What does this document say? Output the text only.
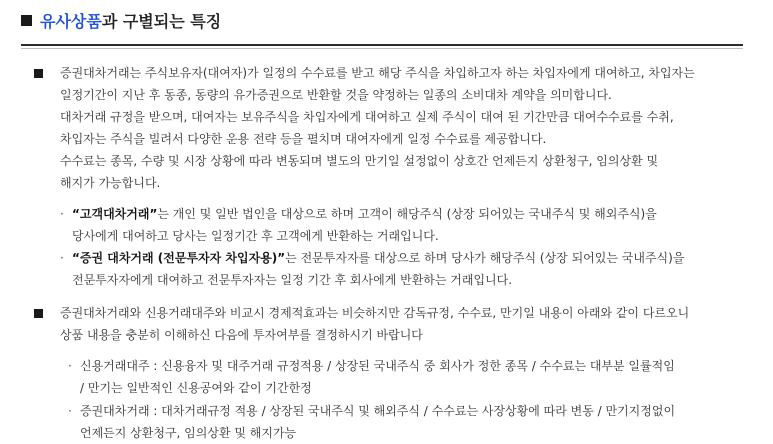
유사상품 과 구별되는 특징

증권대차거래는 주식보유자(대여자)가 일정의 수수료를 받고 해당 주식을 차입하고자 하는 차입자에게 대여하고, 차입자는

일정기간이 지난 후 동종, 동량의 유가증권으로 반환할 것을 약정하는 일종의 소비대차 계약을 의미합니다.

대차거래 규정을 받으며, 대여자는 보유주식을 차입자에게 대여하고 실제 주식이 대여 된 기간만큼 대여수수료를 수취,

차입자는 주식을 빌려서 다양한 운용 전략 등을 펼치며 대여자에게 일정 수수료를 제공합니다.

수수료는 종목, 수량 및 시장 상황에 따라 변동되며 별도의 만기일 설정없이 상호간 언제든지 상환청구, 임의상환 및

해지가 가능합니다.

· “고객대차거래”는 개인 및 일반 법인을 대상으로 하며 고객이 해당주식 (상장 되어있는 국내주식 및 해외주식)을

당사에게 대여하고 당사는 일정기간 후 고객에게 반환하는 거래입니다.

· “증권 대차거래 (전문투자자 차입자용)”는 전문투자자를 대상으로 하며 당사가 해당주식 (상장 되어있는 국내주식)을

전문투자자에게 대여하고 전문투자자는 일정 기간 후 회사에게 반환하는 거래입니다.

증권대차거래와 신용거래대주와 비교시 경제적효과는 비슷하지만 감독규정, 수수료, 만기일 내용이 아래와 같이 다르오니

상품 내용을 충분히 이해하신 다음에 투자여부를 결정하시기 바랍니다

· 신용거래대주 : 신용융자 및 대주거래 규정적용 / 상장된 국내주식 중 회사가 정한 종목 / 수수료는 대부분 일률적임

/ 만기는 일반적인 신용공여와 같이 기간한정

· 증권대차거래 : 대차거래규정 적용 / 상장된 국내주식 및 해외주식 / 수수료는 사장상황에 따라 변동 / 만기지정없이

언제든지 상환청구, 임의상환 및 해지가능
